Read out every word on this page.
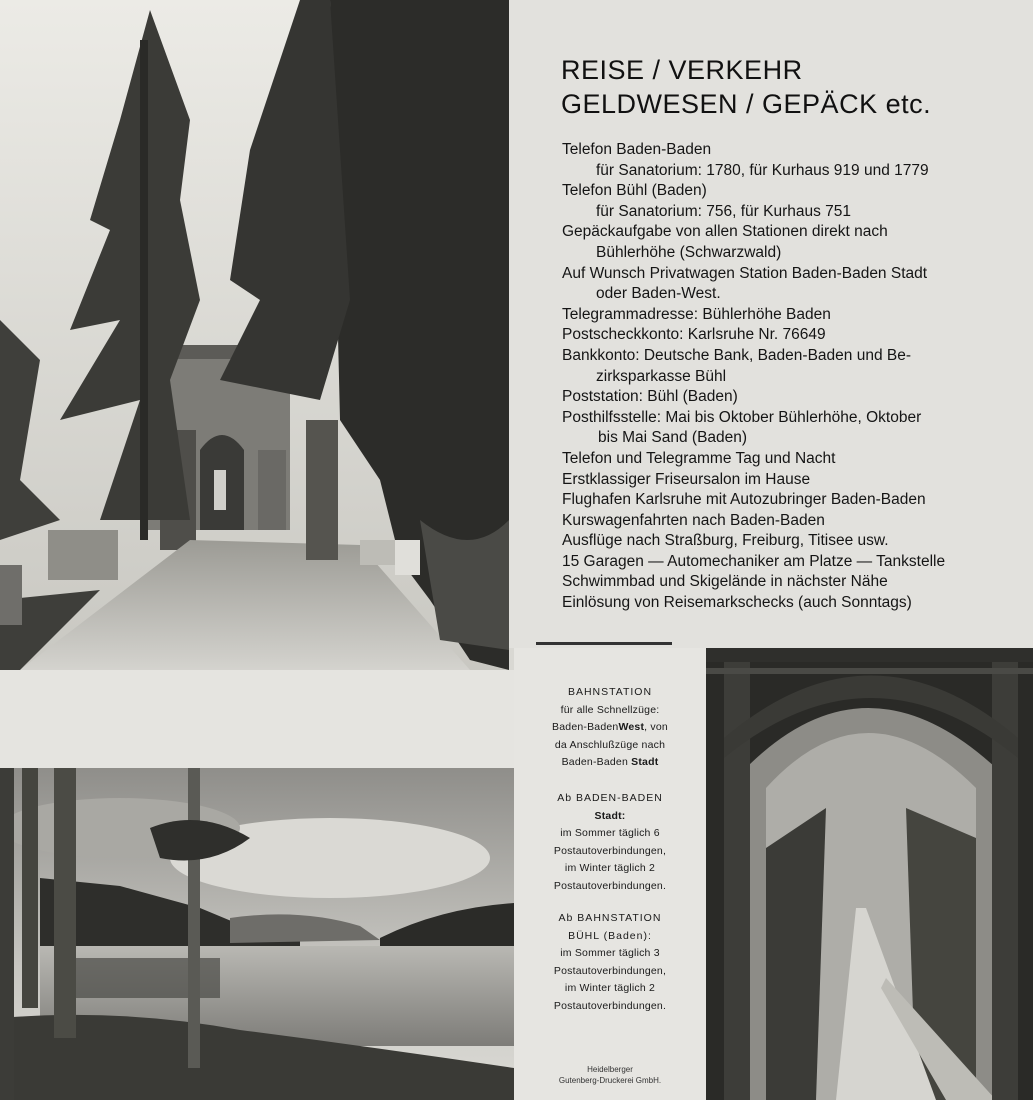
REISE / VERKEHR
GELDWESEN / GEPÄCK etc.
Telefon Baden-Baden
für Sanatorium: 1780, für Kurhaus 919 und 1779
Telefon Bühl (Baden)
für Sanatorium: 756, für Kurhaus 751
Gepäckaufgabe von allen Stationen direkt nach
Bühlerhöhe (Schwarzwald)
Auf Wunsch Privatwagen Station Baden-Baden Stadt
oder Baden-West.
Telegrammadresse: Bühlerhöhe Baden
Postscheckkonto: Karlsruhe Nr. 76649
Bankkonto: Deutsche Bank, Baden-Baden und Be-
zirksparkasse Bühl
Poststation: Bühl (Baden)
Posthilfsstelle: Mai bis Oktober Bühlerhöhe, Oktober
bis Mai Sand (Baden)
Telefon und Telegramme Tag und Nacht
Erstklassiger Friseursalon im Hause
Flughafen Karlsruhe mit Autozubringer Baden-Baden
Kurswagenfahrten nach Baden-Baden
Ausflüge nach Straßburg, Freiburg, Titisee usw.
15 Garagen — Automechaniker am Platze — Tankstelle
Schwimmbad und Skigelände in nächster Nähe
Einlösung von Reisemarkschecks (auch Sonntags)
BAHNSTATION
für alle Schnellzüge:
Baden-BadenWest, von
da Anschlußzüge nach
Baden-Baden Stadt
Ab BADEN-BADEN
Stadt:
im Sommer täglich 6
Postautoverbindungen,
im Winter täglich 2
Postautoverbindungen.
Ab BAHNSTATION
BÜHL (Baden):
im Sommer täglich 3
Postautoverbindungen,
im Winter täglich 2
Postautoverbindungen.
Heidelberger
Gutenberg-Druckerei GmbH.
